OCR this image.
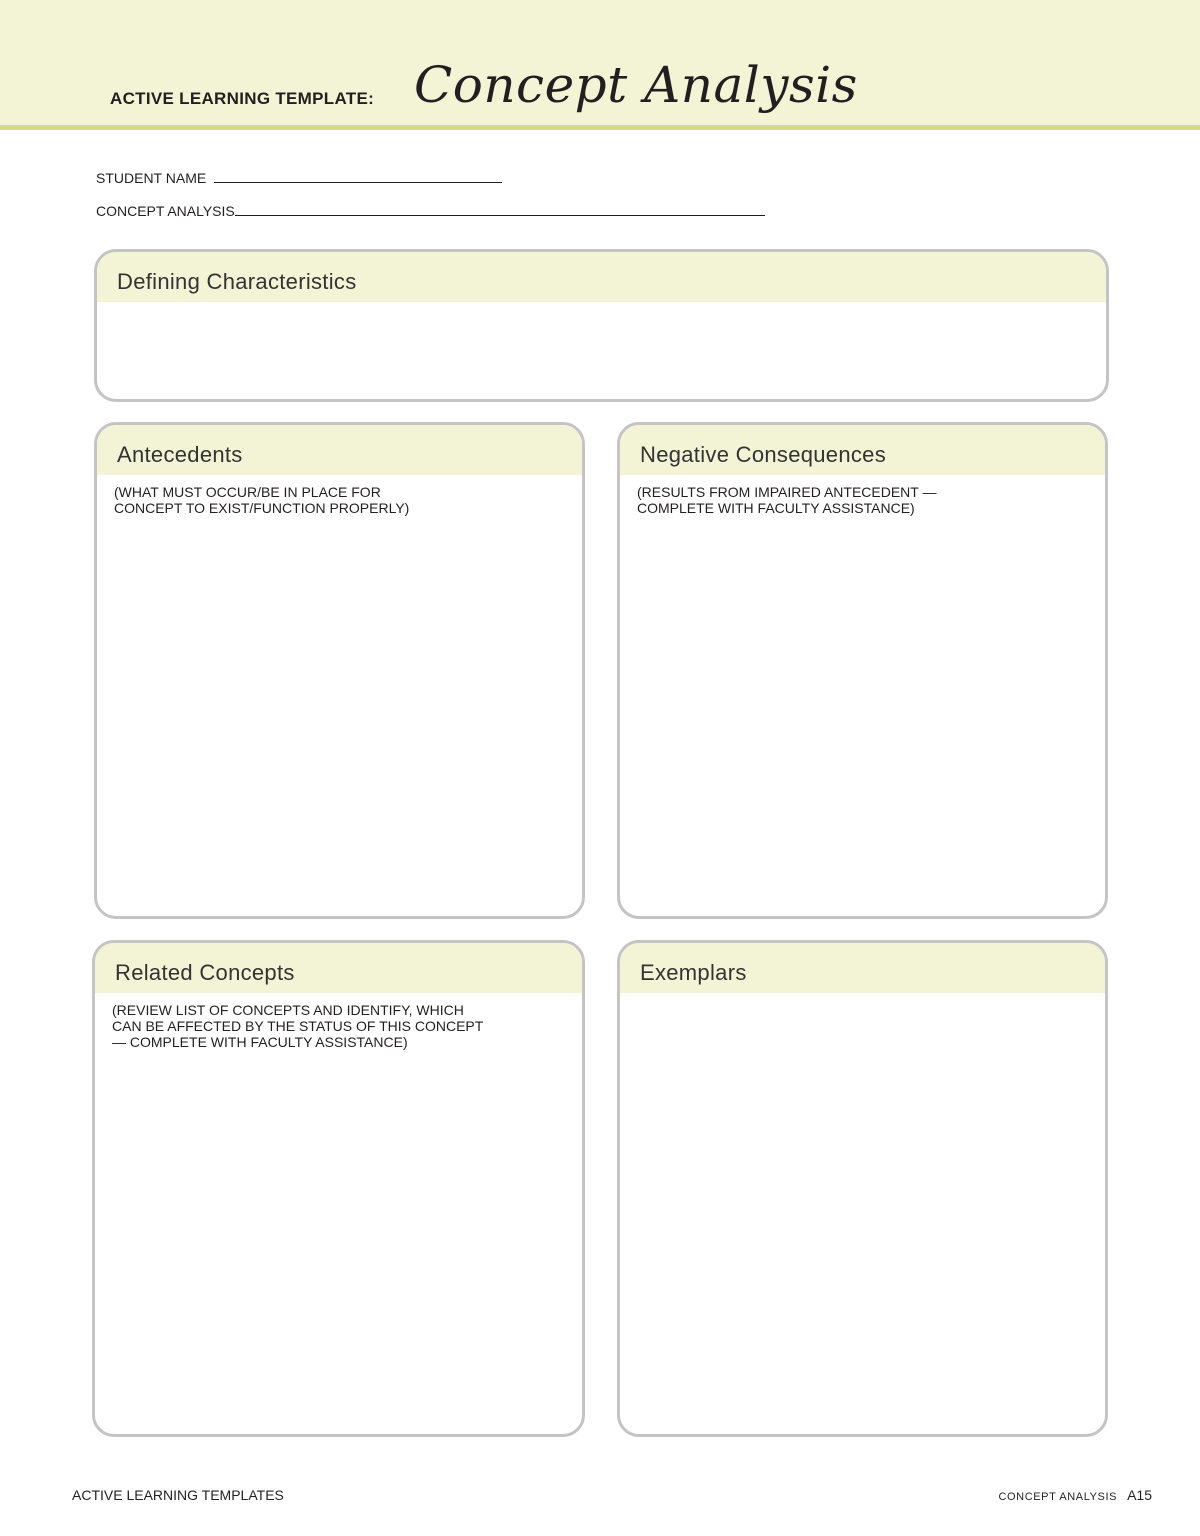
ACTIVE LEARNING TEMPLATE: Concept Analysis
STUDENT NAME
CONCEPT ANALYSIS
Defining Characteristics
Antecedents
(WHAT MUST OCCUR/BE IN PLACE FOR
CONCEPT TO EXIST/FUNCTION PROPERLY)
Negative Consequences
(RESULTS FROM IMPAIRED ANTECEDENT —
COMPLETE WITH FACULTY ASSISTANCE)
Related Concepts
(REVIEW LIST OF CONCEPTS AND IDENTIFY, WHICH
CAN BE AFFECTED BY THE STATUS OF THIS CONCEPT
— COMPLETE WITH FACULTY ASSISTANCE)
Exemplars
ACTIVE LEARNING TEMPLATES	CONCEPT ANALYSIS A15
